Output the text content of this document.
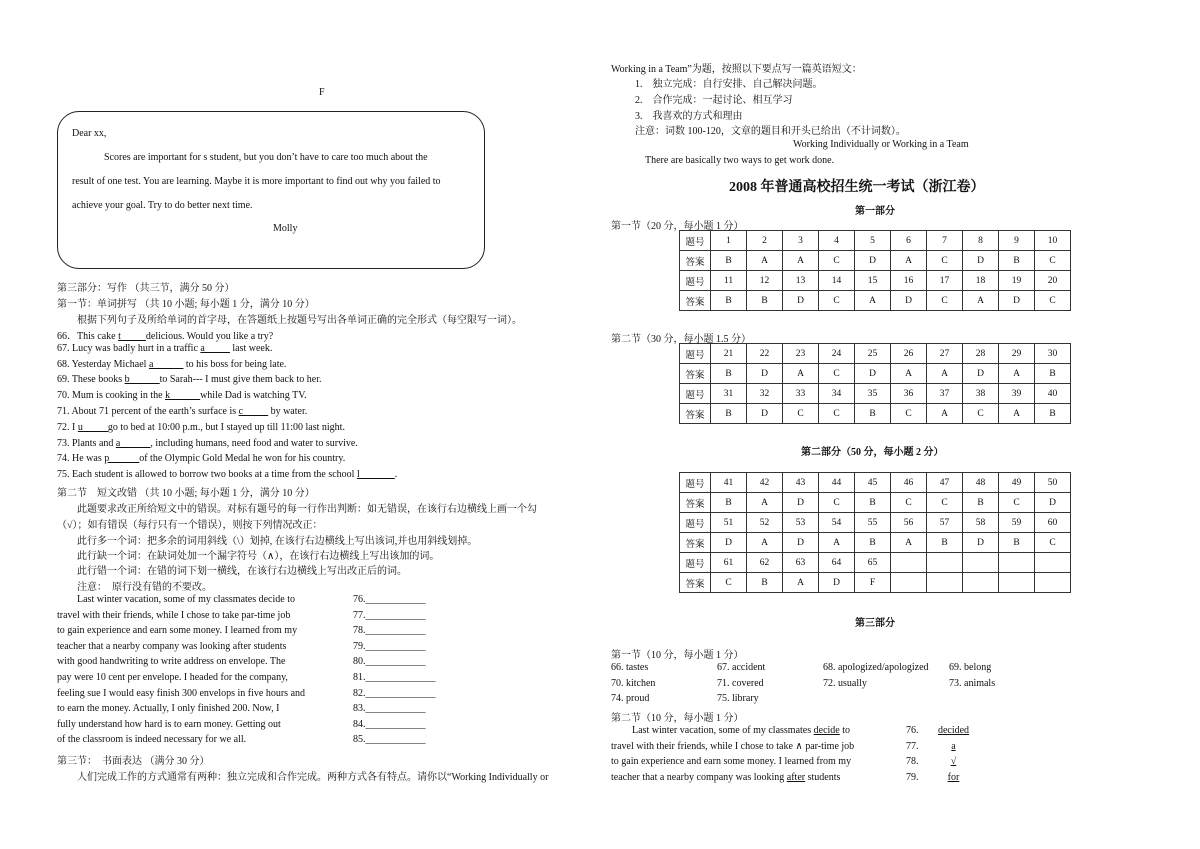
F
Dear xx,
Scores are important for s student, but you don’t have to care too much about the
result of one test. You are learning. Maybe it is more important to find out why you failed to
achieve your goal. Try to do better next time.
Molly
第三部分：写作 （共三节，满分 50 分）
第一节：单词拼写 （共 10 小题; 每小题 1 分，满分 10 分）
根据下列句子及所给单词的首字母，在答题纸上按题号写出各单词正确的完全形式（每空限写一词）。
66．This cake t_____delicious. Would you like a try?
67. Lucy was badly hurt in a traffic a_____ last week.
68. Yesterday Michael a______ to his boss for being late.
69. These books b______to Sarah--- I must give them back to her.
70. Mum is cooking in the k______while Dad is watching TV.
71. About 71 percent of the earth’s surface is c_____ by water.
72. I u_____go to bed at 10:00 p.m., but I stayed up till 11:00 last night.
73. Plants and a______, including humans, need food and water to survive.
74. He was p______of the Olympic Gold Medal he won for his country.
75. Each student is allowed to borrow two books at a time from the school l_______.
第二节　短文改错 （共 10 小题; 每小题 1 分，满分 10 分）
此题要求改正所给短文中的错误。对标有题号的每一行作出判断：如无错误，在该行右边横线上画一个勾
（√）；如有错误（每行只有一个错误），则按下列情况改正：
此行多一个词：把多余的词用斜线（\）划掉, 在该行右边横线上写出该词,并也用斜线划掉。
此行缺一个词：在缺词处加一个漏字符号（∧），在该行右边横线上写出该加的词。
此行错一个词：在错的词下划一横线，在该行右边横线上写出改正后的词。
注意：　原行没有错的不要改。
Last winter vacation, some of my classmates decide to	76.____________
travel with their friends, while I chose to take par-time job	77.____________
to gain experience and earn some money. I learned from my	78.____________
teacher that a nearby company was looking after students	79.____________
with good handwriting to write address on envelope. The	80.____________
pay were 10 cent per envelope. I headed for the company,	81.______________
feeling sue I would easy finish 300 envelops in five hours and	82.______________
to earn the money. Actually, I only finished 200. Now, I	83.____________
fully understand how hard is to earn money. Getting out	84.____________
of the classroom is indeed necessary for we all.	85.____________
第三节：　书面表达 （满分 30 分）
人们完成工作的方式通常有两种：独立完成和合作完成。两种方式各有特点。请你以“Working Individually or
Working in a Team”为题，按照以下要点写一篇英语短文：
1.　独立完成：自行安排、自己解决问题。
2.　合作完成：一起讨论、相互学习
3.　我喜欢的方式和理由
注意：词数 100-120，文章的题目和开头已给出（不计词数）。
Working Individually or Working in a Team
There are basically two ways to get work done.
2008 年普通高校招生统一考试（浙江卷）
第一部分
第一节（20 分，每小题 1 分）
题号	1	2	3	4	5	6	7	8	9	10
答案	B	A	A	C	D	A	C	D	B	C
题号	11	12	13	14	15	16	17	18	19	20
答案	B	B	D	C	A	D	C	A	D	C
第二节（30 分，每小题 1.5 分）
题号	21	22	23	24	25	26	27	28	29	30
答案	B	D	A	C	D	A	A	D	A	B
题号	31	32	33	34	35	36	37	38	39	40
答案	B	D	C	C	B	C	A	C	A	B
第二部分（50 分，每小题 2 分）
题号	41	42	43	44	45	46	47	48	49	50
答案	B	A	D	C	B	C	C	B	C	D
题号	51	52	53	54	55	56	57	58	59	60
答案	D	A	D	A	B	A	B	D	B	C
题号	61	62	63	64	65					
答案	C	B	A	D	F					
第三部分
第一节（10 分，每小题 1 分）
66. tastes	67. accident	68. apologized/apologized 69. belong
70. kitchen	71. covered	72. usually	73. animals
74. proud	75. library
第二节（10 分，每小题 1 分）
Last winter vacation, some of my classmates decide to	76. decided
travel with their friends, while I chose to take ∧ par-time job	77.	a
to gain experience and earn some money. I learned from my	78.	√
teacher that a nearby company was looking after students	79.	for
